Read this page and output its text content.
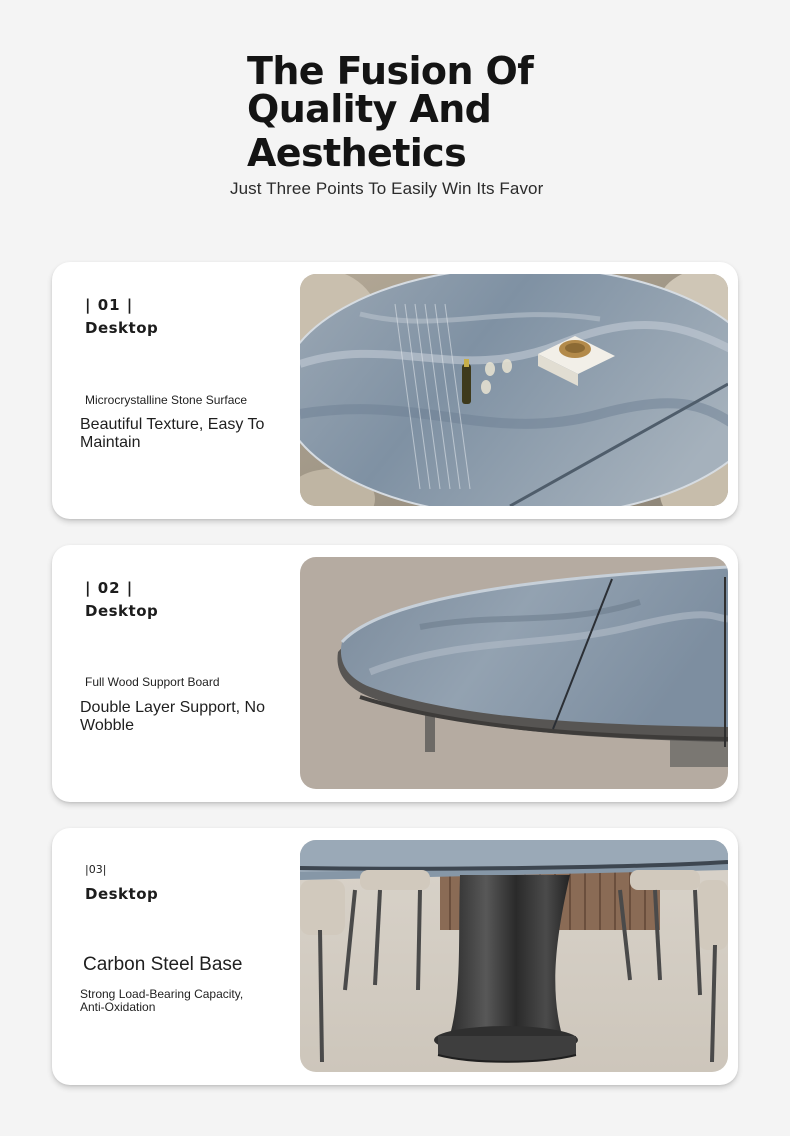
The Fusion Of
Quality And
Aesthetics
Just Three Points To Easily Win Its Favor
| 01 |
Desktop
Microcrystalline Stone Surface
Beautiful Texture, Easy To Maintain
| 02 |
Desktop
Full Wood Support Board
Double Layer Support, No Wobble
|03|
Desktop
Carbon Steel Base
Strong Load-Bearing Capacity, Anti-Oxidation
